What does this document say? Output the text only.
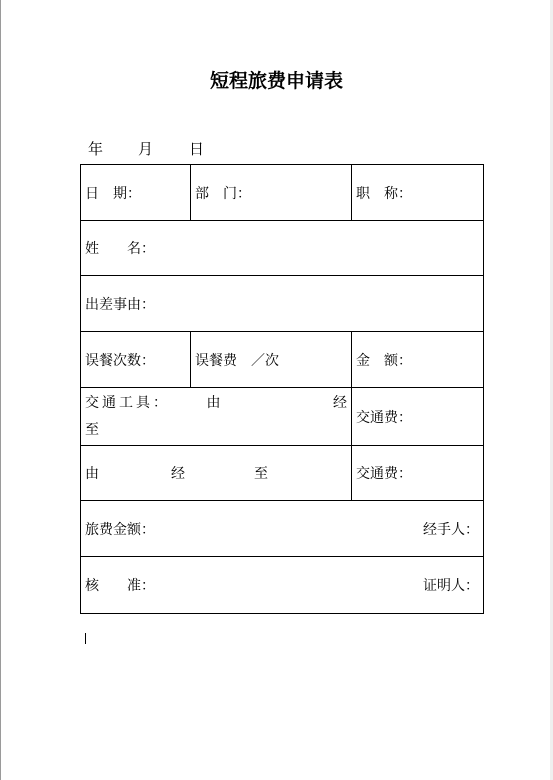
短程旅费申请表
年 月 日
日　期：	部　门：	职　称：
姓　　名：		
出差事由：		
误餐次数：	误餐费　／次	金　额：

交通工具： 由 经
至		交通费：

由 经 至		交通费：

旅费金额： 经手人：		

核　　准： 证明人：		
